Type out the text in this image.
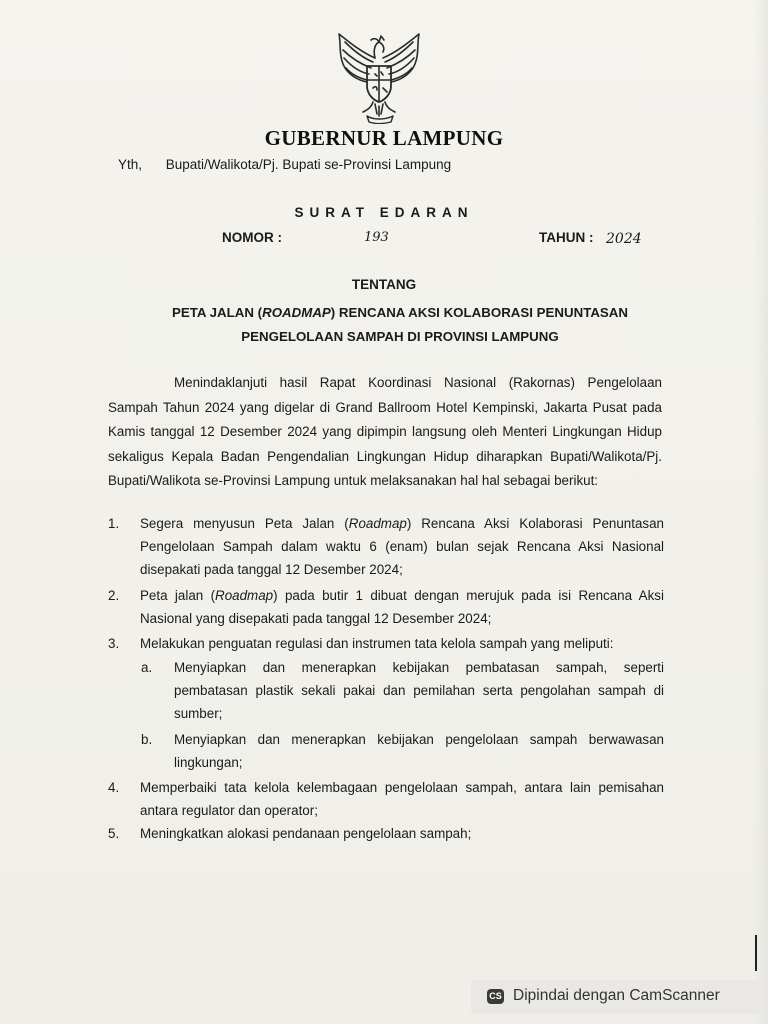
GUBERNUR LAMPUNG
Yth, Bupati/Walikota/Pj. Bupati se-Provinsi Lampung
SURAT EDARAN
NOMOR :	193	TAHUN : 2024
TENTANG
PETA JALAN (ROADMAP) RENCANA AKSI KOLABORASI PENUNTASAN
PENGELOLAAN SAMPAH DI PROVINSI LAMPUNG

Menindaklanjuti hasil Rapat Koordinasi Nasional (Rakornas) Pengelolaan Sampah Tahun 2024 yang digelar di Grand Ballroom Hotel Kempinski, Jakarta Pusat pada Kamis tanggal 12 Desember 2024 yang dipimpin langsung oleh Menteri Lingkungan Hidup sekaligus Kepala Badan Pengendalian Lingkungan Hidup diharapkan Bupati/Walikota/Pj. Bupati/Walikota se-Provinsi Lampung untuk melaksanakan hal hal sebagai berikut:

1. Segera menyusun Peta Jalan (Roadmap) Rencana Aksi Kolaborasi Penuntasan Pengelolaan Sampah dalam waktu 6 (enam) bulan sejak Rencana Aksi Nasional disepakati pada tanggal 12 Desember 2024;
2. Peta jalan (Roadmap) pada butir 1 dibuat dengan merujuk pada isi Rencana Aksi Nasional yang disepakati pada tanggal 12 Desember 2024;
3. Melakukan penguatan regulasi dan instrumen tata kelola sampah yang meliputi:
a. Menyiapkan dan menerapkan kebijakan pembatasan sampah, seperti pembatasan plastik sekali pakai dan pemilahan serta pengolahan sampah di sumber;
b. Menyiapkan dan menerapkan kebijakan pengelolaan sampah berwawasan lingkungan;
4. Memperbaiki tata kelola kelembagaan pengelolaan sampah, antara lain pemisahan antara regulator dan operator;
5. Meningkatkan alokasi pendanaan pengelolaan sampah;
CS Dipindai dengan CamScanner
